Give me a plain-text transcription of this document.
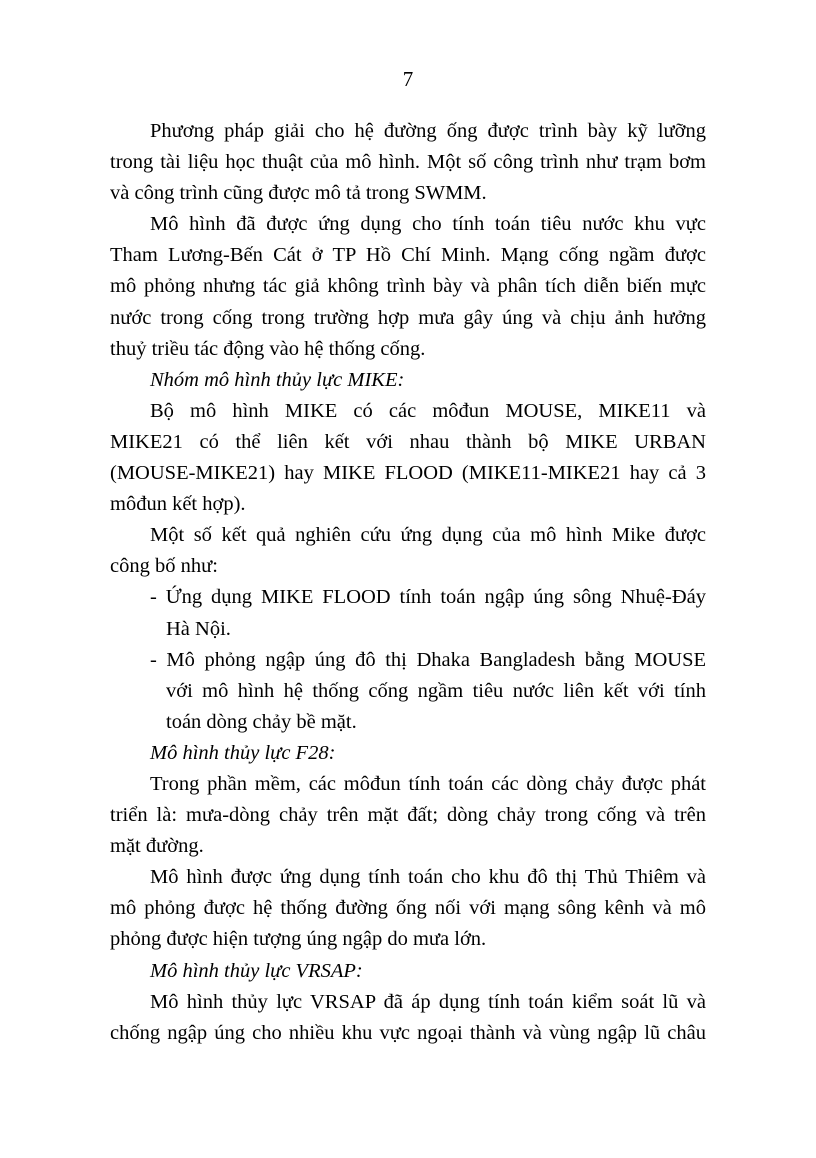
7

Phương pháp giải cho hệ đường ống được trình bày kỹ lưỡng
trong tài liệu học thuật của mô hình. Một số công trình như trạm bơm
và công trình cũng được mô tả trong SWMM.

Mô hình đã được ứng dụng cho tính toán tiêu nước khu vực
Tham Lương-Bến Cát ở TP Hồ Chí Minh. Mạng cống ngầm được
mô phỏng nhưng tác giả không trình bày và phân tích diễn biến mực
nước trong cống trong trường hợp mưa gây úng và chịu ảnh hưởng
thuỷ triều tác động vào hệ thống cống.

Nhóm mô hình thủy lực MIKE:

Bộ mô hình MIKE có các môđun MOUSE, MIKE11 và
MIKE21 có thể liên kết với nhau thành bộ MIKE URBAN
(MOUSE-MIKE21) hay MIKE FLOOD (MIKE11-MIKE21 hay cả 3
môđun kết hợp).

Một số kết quả nghiên cứu ứng dụng của mô hình Mike được
công bố như:

- Ứng dụng MIKE FLOOD tính toán ngập úng sông Nhuệ-Đáy
Hà Nội.
- Mô phỏng ngập úng đô thị Dhaka Bangladesh bằng MOUSE
với mô hình hệ thống cống ngầm tiêu nước liên kết với tính
toán dòng chảy bề mặt.

Mô hình thủy lực F28:

Trong phần mềm, các môđun tính toán các dòng chảy được phát
triển là: mưa-dòng chảy trên mặt đất; dòng chảy trong cống và trên
mặt đường.

Mô hình được ứng dụng tính toán cho khu đô thị Thủ Thiêm và
mô phỏng được hệ thống đường ống nối với mạng sông kênh và mô
phỏng được hiện tượng úng ngập do mưa lớn.

Mô hình thủy lực VRSAP:

Mô hình thủy lực VRSAP đã áp dụng tính toán kiểm soát lũ và
chống ngập úng cho nhiều khu vực ngoại thành và vùng ngập lũ châu
